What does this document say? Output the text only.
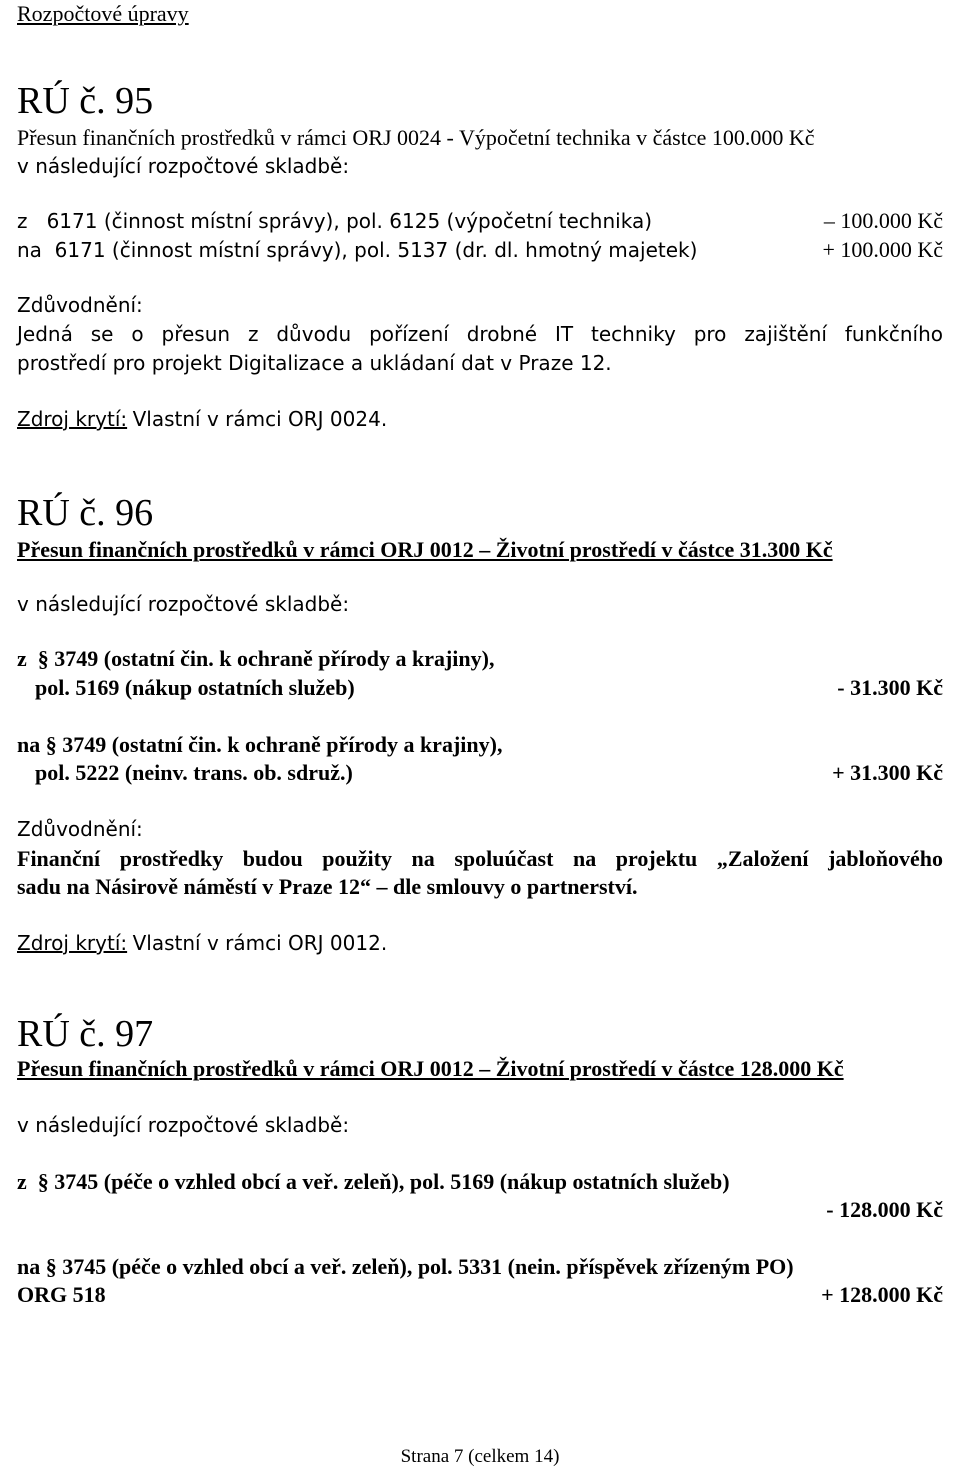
Rozpočtové úpravy
RÚ č. 95
Přesun finančních prostředků v rámci ORJ 0024 - Výpočetní technika v částce 100.000 Kč
v následující rozpočtové skladbě:
z   6171 (činnost místní správy), pol. 6125 (výpočetní technika)	– 100.000 Kč
na  6171 (činnost místní správy), pol. 5137 (dr. dl. hmotný majetek)	+ 100.000 Kč
Zdůvodnění:
Jedná se o přesun z důvodu pořízení drobné IT techniky pro zajištění funkčního
prostředí pro projekt Digitalizace a ukládaní dat v Praze 12.
Zdroj krytí: Vlastní v rámci ORJ 0024.
RÚ č. 96
Přesun finančních prostředků v rámci ORJ 0012 – Životní prostředí v částce 31.300 Kč
v následující rozpočtové skladbě:
z  § 3749 (ostatní čin. k ochraně přírody a krajiny),
pol. 5169 (nákup ostatních služeb)	- 31.300 Kč
na § 3749 (ostatní čin. k ochraně přírody a krajiny),
pol. 5222 (neinv. trans. ob. sdruž.)	+ 31.300 Kč
Zdůvodnění:
Finanční prostředky budou použity na spoluúčast na projektu „Založení jabloňového
sadu na Násirově náměstí v Praze 12“ – dle smlouvy o partnerství.
Zdroj krytí: Vlastní v rámci ORJ 0012.
RÚ č. 97
Přesun finančních prostředků v rámci ORJ 0012 – Životní prostředí v částce 128.000 Kč
v následující rozpočtové skladbě:
z  § 3745 (péče o vzhled obcí a veř. zeleň), pol. 5169 (nákup ostatních služeb)
- 128.000 Kč
na § 3745 (péče o vzhled obcí a veř. zeleň), pol. 5331 (nein. příspěvek zřízeným PO)
ORG 518	+ 128.000 Kč
Strana 7 (celkem 14)
